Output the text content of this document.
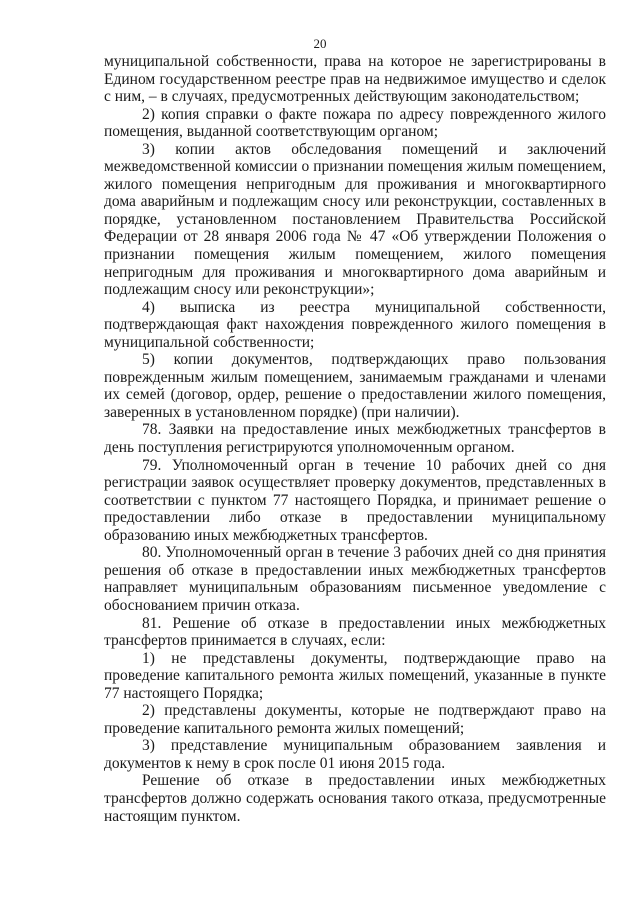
20

муниципальной собственности, права на которое не зарегистрированы в Едином государственном реестре прав на недвижимое имущество и сделок с ним, – в случаях, предусмотренных действующим законодательством;

2) копия справки о факте пожара по адресу поврежденного жилого помещения, выданной соответствующим органом;

3) копии актов обследования помещений и заключений межведомственной комиссии о признании помещения жилым помещением, жилого помещения непригодным для проживания и многоквартирного дома аварийным и подлежащим сносу или реконструкции, составленных в порядке, установленном постановлением Правительства Российской Федерации от 28 января 2006 года № 47 «Об утверждении Положения о признании помещения жилым помещением, жилого помещения непригодным для проживания и многоквартирного дома аварийным и подлежащим сносу или реконструкции»;

4) выписка из реестра муниципальной собственности, подтверждающая факт нахождения поврежденного жилого помещения в муниципальной собственности;

5) копии документов, подтверждающих право пользования поврежденным жилым помещением, занимаемым гражданами и членами их семей (договор, ордер, решение о предоставлении жилого помещения, заверенных в установленном порядке) (при наличии).

78. Заявки на предоставление иных межбюджетных трансфертов в день поступления регистрируются уполномоченным органом.

79. Уполномоченный орган в течение 10 рабочих дней со дня регистрации заявок осуществляет проверку документов, представленных в соответствии с пунктом 77 настоящего Порядка, и принимает решение о предоставлении либо отказе в предоставлении муниципальному образованию иных межбюджетных трансфертов.

80. Уполномоченный орган в течение 3 рабочих дней со дня принятия решения об отказе в предоставлении иных межбюджетных трансфертов направляет муниципальным образованиям письменное уведомление с обоснованием причин отказа.

81. Решение об отказе в предоставлении иных межбюджетных трансфертов принимается в случаях, если:

1) не представлены документы, подтверждающие право на проведение капитального ремонта жилых помещений, указанные в пункте 77 настоящего Порядка;

2) представлены документы, которые не подтверждают право на проведение капитального ремонта жилых помещений;

3) представление муниципальным образованием заявления и документов к нему в срок после 01 июня 2015 года.

Решение об отказе в предоставлении иных межбюджетных трансфертов должно содержать основания такого отказа, предусмотренные настоящим пунктом.
